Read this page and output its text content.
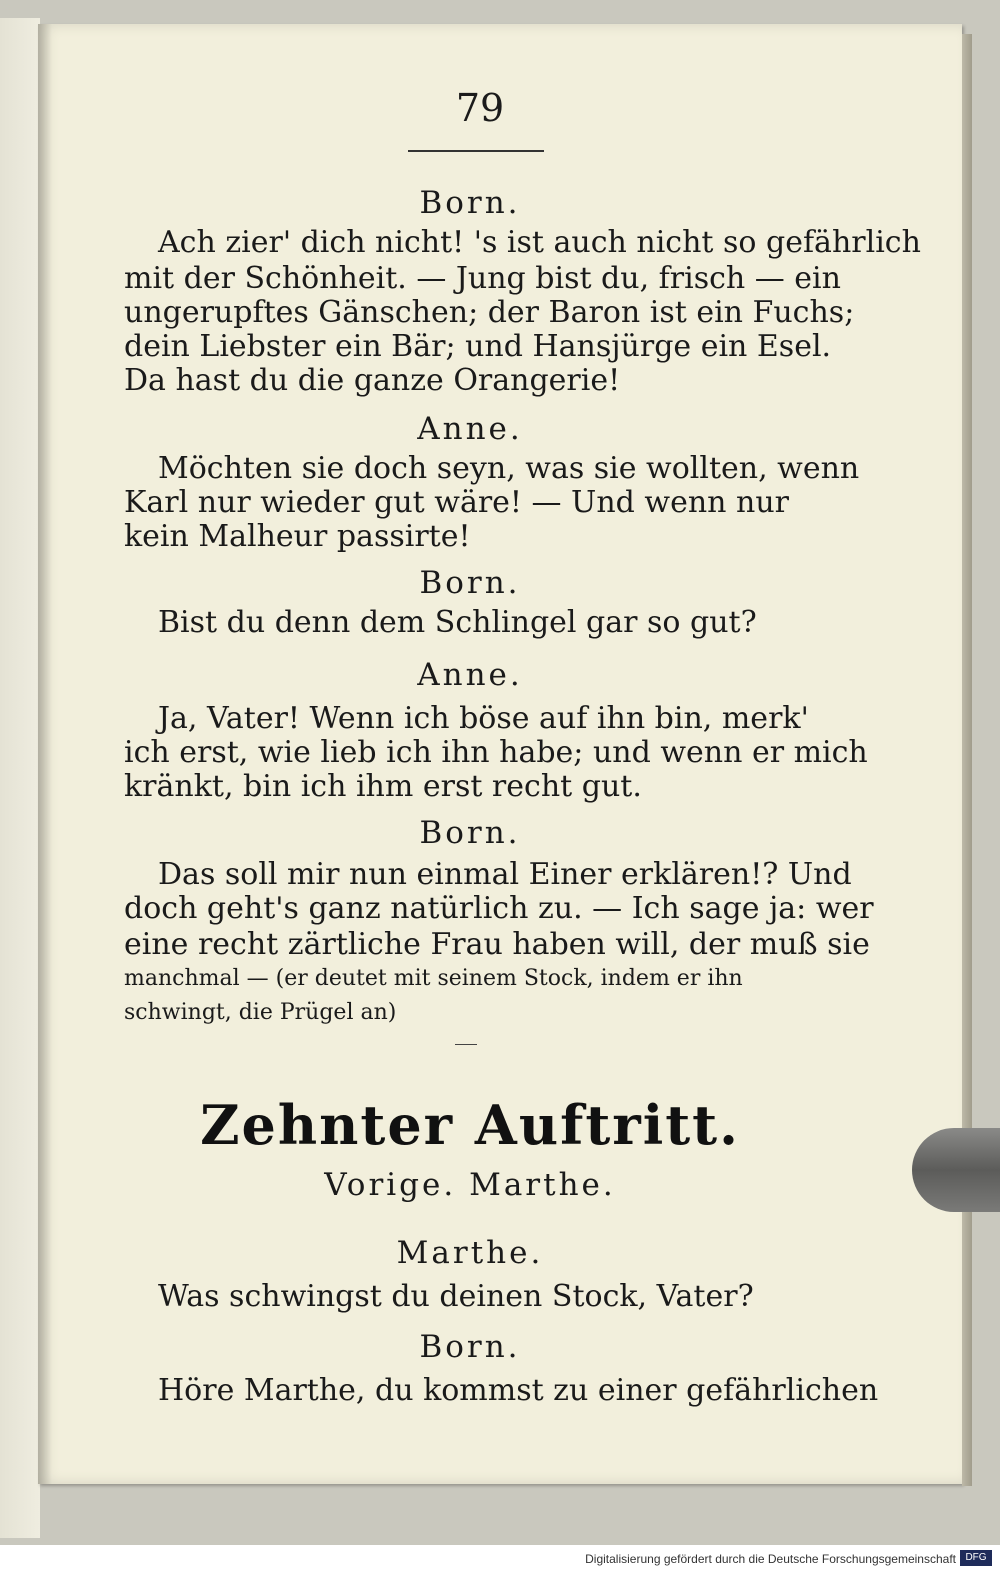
79
Born.
Ach zier' dich nicht! 's ist auch nicht so gefährlich
mit der Schönheit. — Jung bist du, frisch — ein
ungerupftes Gänschen; der Baron ist ein Fuchs;
dein Liebster ein Bär; und Hansjürge ein Esel.
Da hast du die ganze Orangerie!
Anne.
Möchten sie doch seyn, was sie wollten, wenn
Karl nur wieder gut wäre! — Und wenn nur
kein Malheur passirte!
Born.
Bist du denn dem Schlingel gar so gut?
Anne.
Ja, Vater! Wenn ich böse auf ihn bin, merk'
ich erst, wie lieb ich ihn habe; und wenn er mich
kränkt, bin ich ihm erst recht gut.
Born.
Das soll mir nun einmal Einer erklären!? Und
doch geht's ganz natürlich zu. — Ich sage ja: wer
eine recht zärtliche Frau haben will, der muß sie
manchmal — (er deutet mit seinem Stock, indem er ihn
schwingt, die Prügel an)
Zehnter Auftritt.
Vorige. Marthe.
Marthe.
Was schwingst du deinen Stock, Vater?
Born.
Höre Marthe, du kommst zu einer gefährlichen
Digitalisierung gefördert durch die Deutsche Forschungsgemeinschaft DFG
